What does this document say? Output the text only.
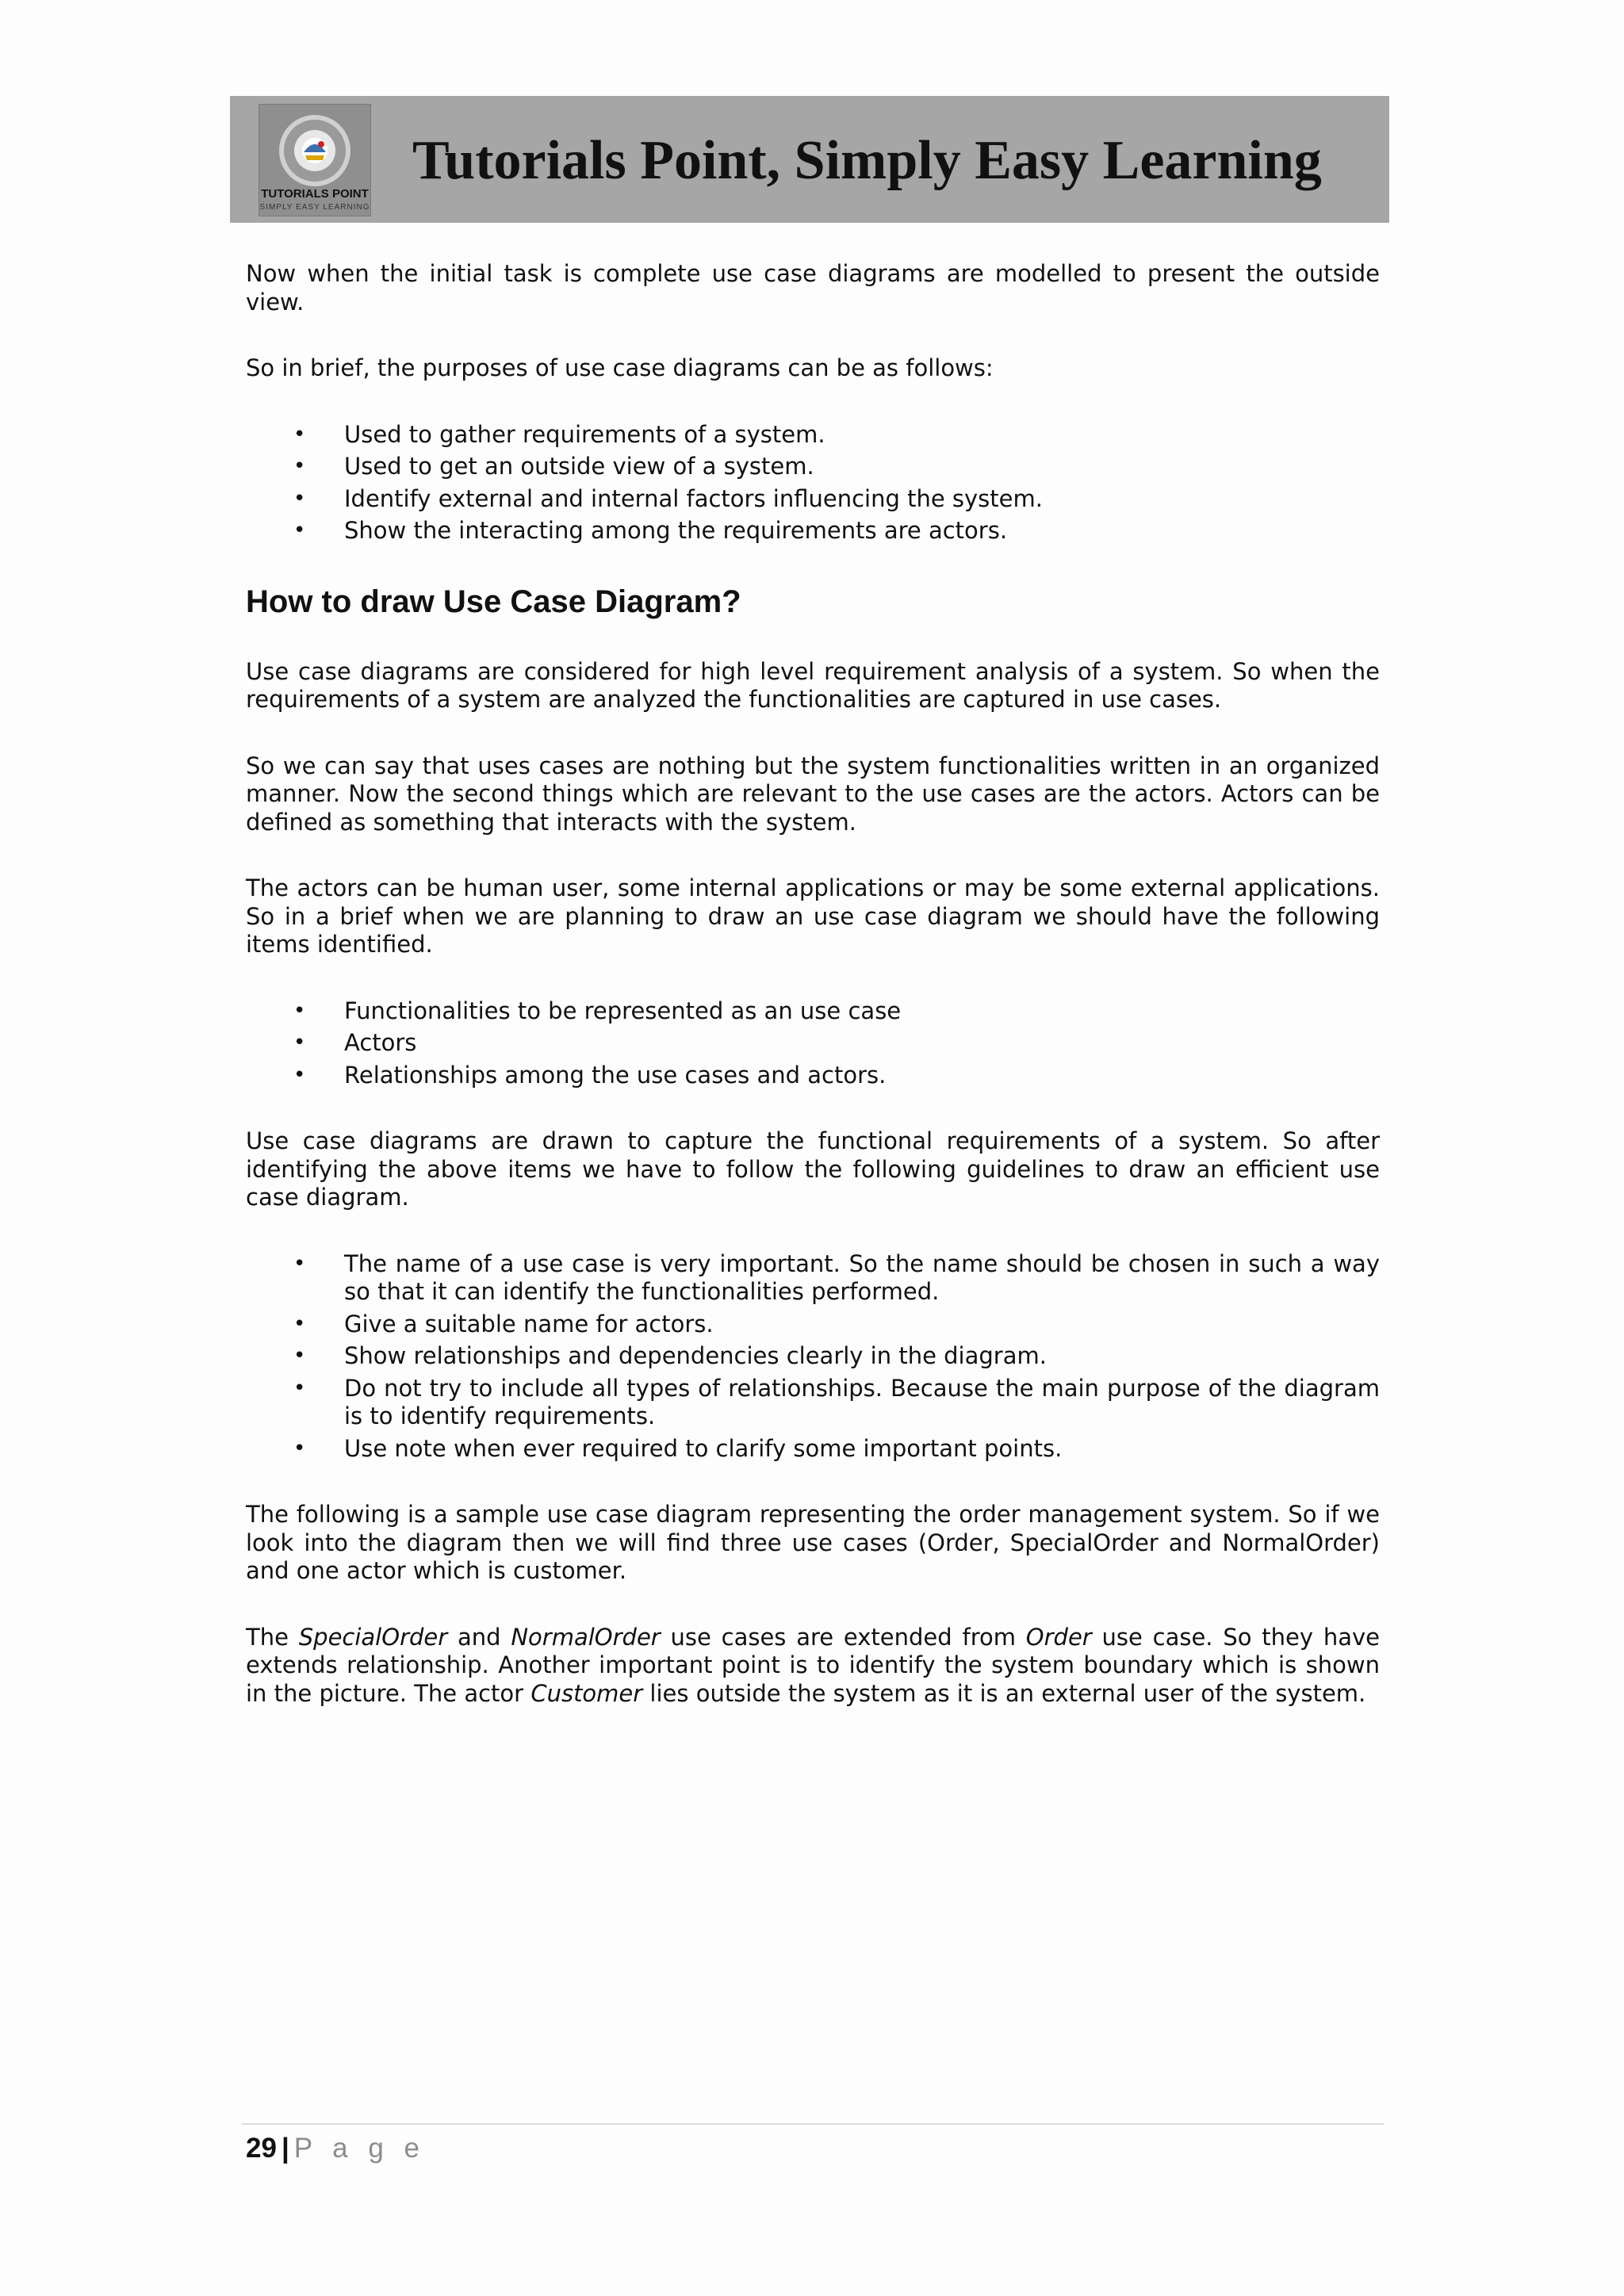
TUTORIALS POINT
SIMPLY EASY LEARNING
Tutorials Point, Simply Easy Learning

Now when the initial task is complete use case diagrams are modelled to present the outside view.

So in brief, the purposes of use case diagrams can be as follows:

• Used to gather requirements of a system.
• Used to get an outside view of a system.
• Identify external and internal factors influencing the system.
• Show the interacting among the requirements are actors.
How to draw Use Case Diagram?

Use case diagrams are considered for high level requirement analysis of a system. So when the requirements of a system are analyzed the functionalities are captured in use cases.

So we can say that uses cases are nothing but the system functionalities written in an organized manner. Now the second things which are relevant to the use cases are the actors. Actors can be defined as something that interacts with the system.

The actors can be human user, some internal applications or may be some external applications. So in a brief when we are planning to draw an use case diagram we should have the following items identified.

• Functionalities to be represented as an use case
• Actors
• Relationships among the use cases and actors.

Use case diagrams are drawn to capture the functional requirements of a system. So after identifying the above items we have to follow the following guidelines to draw an efficient use case diagram.

• The name of a use case is very important. So the name should be chosen in such a way so that it can identify the functionalities performed.
• Give a suitable name for actors.
• Show relationships and dependencies clearly in the diagram.
• Do not try to include all types of relationships. Because the main purpose of the diagram is to identify requirements.
• Use note when ever required to clarify some important points.

The following is a sample use case diagram representing the order management system. So if we look into the diagram then we will find three use cases (Order, SpecialOrder and NormalOrder) and one actor which is customer.

The SpecialOrder and NormalOrder use cases are extended from Order use case. So they have extends relationship. Another important point is to identify the system boundary which is shown in the picture. The actor Customer lies outside the system as it is an external user of the system.

29 | P a g e
